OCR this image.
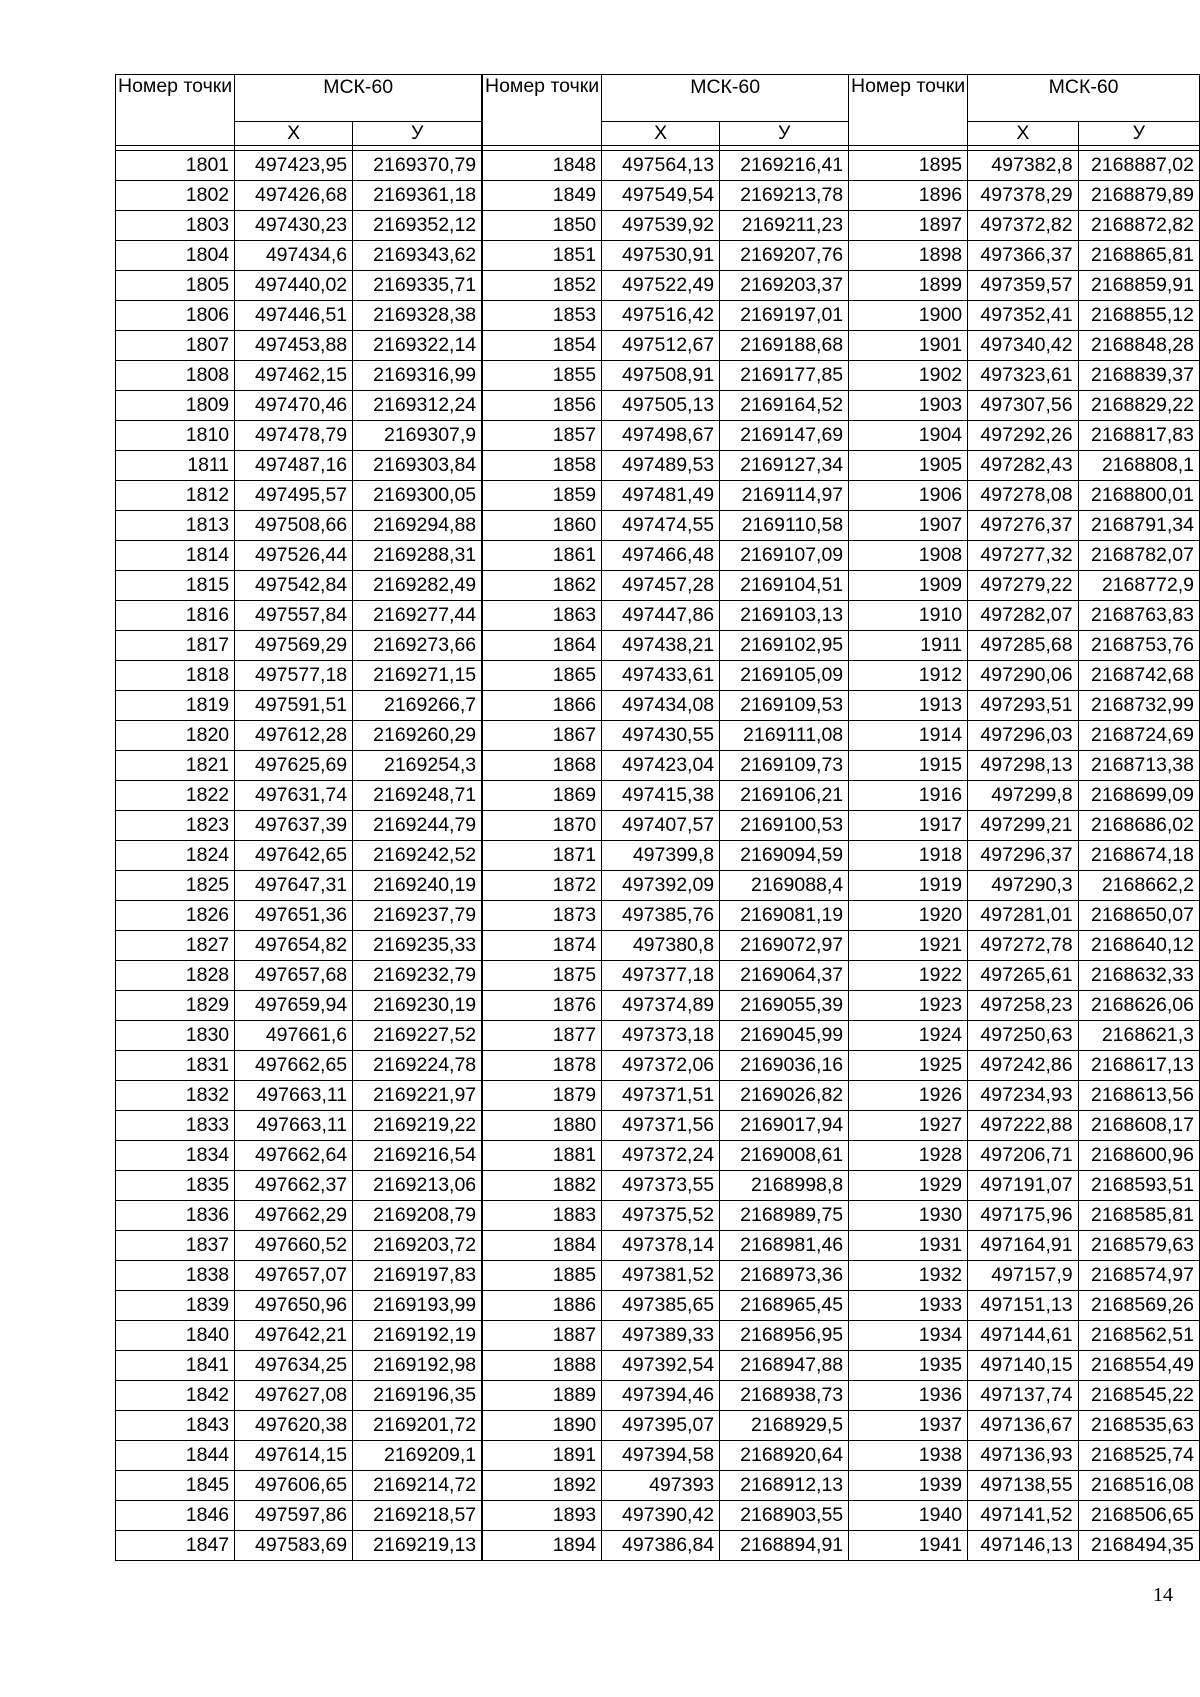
Номер точки	МСК-60	
	Х	У

1801	497423,95	2169370,79
1802	497426,68	2169361,18
1803	497430,23	2169352,12
1804	497434,6	2169343,62
1805	497440,02	2169335,71
1806	497446,51	2169328,38
1807	497453,88	2169322,14
1808	497462,15	2169316,99
1809	497470,46	2169312,24
1810	497478,79	2169307,9
1811	497487,16	2169303,84
1812	497495,57	2169300,05
1813	497508,66	2169294,88
1814	497526,44	2169288,31
1815	497542,84	2169282,49
1816	497557,84	2169277,44
1817	497569,29	2169273,66
1818	497577,18	2169271,15
1819	497591,51	2169266,7
1820	497612,28	2169260,29
1821	497625,69	2169254,3
1822	497631,74	2169248,71
1823	497637,39	2169244,79
1824	497642,65	2169242,52
1825	497647,31	2169240,19
1826	497651,36	2169237,79
1827	497654,82	2169235,33
1828	497657,68	2169232,79
1829	497659,94	2169230,19
1830	497661,6	2169227,52
1831	497662,65	2169224,78
1832	497663,11	2169221,97
1833	497663,11	2169219,22
1834	497662,64	2169216,54
1835	497662,37	2169213,06
1836	497662,29	2169208,79
1837	497660,52	2169203,72
1838	497657,07	2169197,83
1839	497650,96	2169193,99
1840	497642,21	2169192,19
1841	497634,25	2169192,98
1842	497627,08	2169196,35
1843	497620,38	2169201,72
1844	497614,15	2169209,1
1845	497606,65	2169214,72
1846	497597,86	2169218,57
1847	497583,69	2169219,13
Номер точки	МСК-60	
	Х	У

1848	497564,13	2169216,41
1849	497549,54	2169213,78
1850	497539,92	2169211,23
1851	497530,91	2169207,76
1852	497522,49	2169203,37
1853	497516,42	2169197,01
1854	497512,67	2169188,68
1855	497508,91	2169177,85
1856	497505,13	2169164,52
1857	497498,67	2169147,69
1858	497489,53	2169127,34
1859	497481,49	2169114,97
1860	497474,55	2169110,58
1861	497466,48	2169107,09
1862	497457,28	2169104,51
1863	497447,86	2169103,13
1864	497438,21	2169102,95
1865	497433,61	2169105,09
1866	497434,08	2169109,53
1867	497430,55	2169111,08
1868	497423,04	2169109,73
1869	497415,38	2169106,21
1870	497407,57	2169100,53
1871	497399,8	2169094,59
1872	497392,09	2169088,4
1873	497385,76	2169081,19
1874	497380,8	2169072,97
1875	497377,18	2169064,37
1876	497374,89	2169055,39
1877	497373,18	2169045,99
1878	497372,06	2169036,16
1879	497371,51	2169026,82
1880	497371,56	2169017,94
1881	497372,24	2169008,61
1882	497373,55	2168998,8
1883	497375,52	2168989,75
1884	497378,14	2168981,46
1885	497381,52	2168973,36
1886	497385,65	2168965,45
1887	497389,33	2168956,95
1888	497392,54	2168947,88
1889	497394,46	2168938,73
1890	497395,07	2168929,5
1891	497394,58	2168920,64
1892	497393	2168912,13
1893	497390,42	2168903,55
1894	497386,84	2168894,91
Номер точки	МСК-60	
	Х	У

1895	497382,8	2168887,02
1896	497378,29	2168879,89
1897	497372,82	2168872,82
1898	497366,37	2168865,81
1899	497359,57	2168859,91
1900	497352,41	2168855,12
1901	497340,42	2168848,28
1902	497323,61	2168839,37
1903	497307,56	2168829,22
1904	497292,26	2168817,83
1905	497282,43	2168808,1
1906	497278,08	2168800,01
1907	497276,37	2168791,34
1908	497277,32	2168782,07
1909	497279,22	2168772,9
1910	497282,07	2168763,83
1911	497285,68	2168753,76
1912	497290,06	2168742,68
1913	497293,51	2168732,99
1914	497296,03	2168724,69
1915	497298,13	2168713,38
1916	497299,8	2168699,09
1917	497299,21	2168686,02
1918	497296,37	2168674,18
1919	497290,3	2168662,2
1920	497281,01	2168650,07
1921	497272,78	2168640,12
1922	497265,61	2168632,33
1923	497258,23	2168626,06
1924	497250,63	2168621,3
1925	497242,86	2168617,13
1926	497234,93	2168613,56
1927	497222,88	2168608,17
1928	497206,71	2168600,96
1929	497191,07	2168593,51
1930	497175,96	2168585,81
1931	497164,91	2168579,63
1932	497157,9	2168574,97
1933	497151,13	2168569,26
1934	497144,61	2168562,51
1935	497140,15	2168554,49
1936	497137,74	2168545,22
1937	497136,67	2168535,63
1938	497136,93	2168525,74
1939	497138,55	2168516,08
1940	497141,52	2168506,65
1941	497146,13	2168494,35
14
